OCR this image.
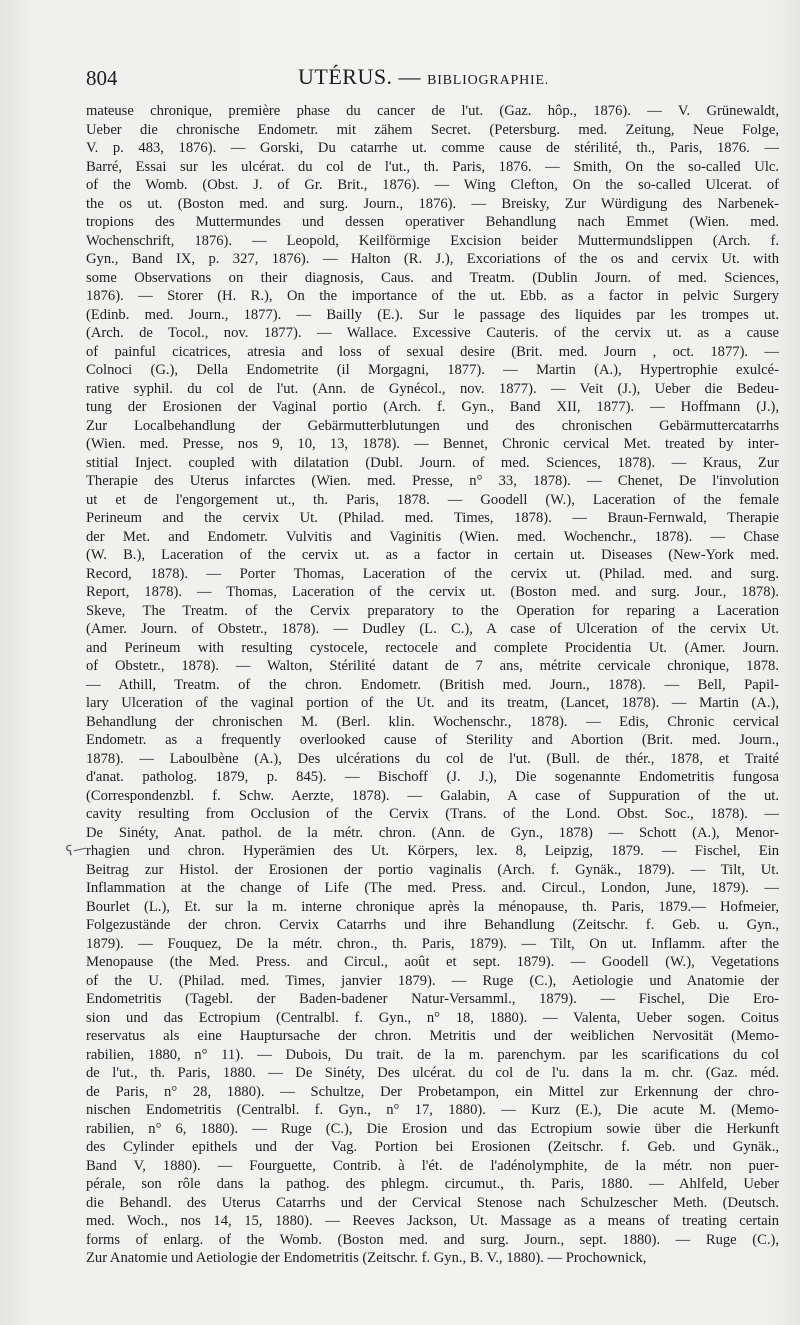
804	UTÉRUS. — BIBLIOGRAPHIE.
mateuse chronique, première phase du cancer de l'ut. (Gaz. hôp., 1876). — V. Grünewaldt,
Ueber die chronische Endometr. mit zähem Secret. (Petersburg. med. Zeitung, Neue Folge,
V. p. 483, 1876). — Gorski, Du catarrhe ut. comme cause de stérilité, th., Paris, 1876. —
Barré, Essai sur les ulcérat. du col de l'ut., th. Paris, 1876. — Smith, On the so-called Ulc.
of the Womb. (Obst. J. of Gr. Brit., 1876). — Wing Clefton, On the so-called Ulcerat. of
the os ut. (Boston med. and surg. Journ., 1876). — Breisky, Zur Würdigung des Narbenek-
tropions des Muttermundes und dessen operativer Behandlung nach Emmet (Wien. med.
Wochenschrift, 1876). — Leopold, Keilförmige Excision beider Muttermundslippen (Arch. f.
Gyn., Band IX, p. 327, 1876). — Halton (R. J.), Excoriations of the os and cervix Ut. with
some Observations on their diagnosis, Caus. and Treatm. (Dublin Journ. of med. Sciences,
1876). — Storer (H. R.), On the importance of the ut. Ebb. as a factor in pelvic Surgery
(Edinb. med. Journ., 1877). — Bailly (E.). Sur le passage des liquides par les trompes ut.
(Arch. de Tocol., nov. 1877). — Wallace. Excessive Cauteris. of the cervix ut. as a cause
of painful cicatrices, atresia and loss of sexual desire (Brit. med. Journ , oct. 1877). —
Colnoci (G.), Della Endometrite (il Morgagni, 1877). — Martin (A.), Hypertrophie exulcé-
rative syphil. du col de l'ut. (Ann. de Gynécol., nov. 1877). — Veit (J.), Ueber die Bedeu-
tung der Erosionen der Vaginal portio (Arch. f. Gyn., Band XII, 1877). — Hoffmann (J.),
Zur Localbehandlung der Gebärmutterblutungen und des chronischen Gebärmuttercatarrhs
(Wien. med. Presse, nos 9, 10, 13, 1878). — Bennet, Chronic cervical Met. treated by inter-
stitial Inject. coupled with dilatation (Dubl. Journ. of med. Sciences, 1878). — Kraus, Zur
Therapie des Uterus infarctes (Wien. med. Presse, n° 33, 1878). — Chenet, De l'involution
ut et de l'engorgement ut., th. Paris, 1878. — Goodell (W.), Laceration of the female
Perineum and the cervix Ut. (Philad. med. Times, 1878). — Braun-Fernwald, Therapie
der Met. and Endometr. Vulvitis and Vaginitis (Wien. med. Wochenchr., 1878). — Chase
(W. B.), Laceration of the cervix ut. as a factor in certain ut. Diseases (New-York med.
Record, 1878). — Porter Thomas, Laceration of the cervix ut. (Philad. med. and surg.
Report, 1878). — Thomas, Laceration of the cervix ut. (Boston med. and surg. Jour., 1878).
Skeve, The Treatm. of the Cervix preparatory to the Operation for reparing a Laceration
(Amer. Journ. of Obstetr., 1878). — Dudley (L. C.), A case of Ulceration of the cervix Ut.
and Perineum with resulting cystocele, rectocele and complete Procidentia Ut. (Amer. Journ.
of Obstetr., 1878). — Walton, Stérilité datant de 7 ans, métrite cervicale chronique, 1878.
— Athill, Treatm. of the chron. Endometr. (British med. Journ., 1878). — Bell, Papil-
lary Ulceration of the vaginal portion of the Ut. and its treatm, (Lancet, 1878). — Martin (A.),
Behandlung der chronischen M. (Berl. klin. Wochenschr., 1878). — Edis, Chronic cervical
Endometr. as a frequently overlooked cause of Sterility and Abortion (Brit. med. Journ.,
1878). — Laboulbène (A.), Des ulcérations du col de l'ut. (Bull. de thér., 1878, et Traité
d'anat. patholog. 1879, p. 845). — Bischoff (J. J.), Die sogenannte Endometritis fungosa
(Correspondenzbl. f. Schw. Aerzte, 1878). — Galabin, A case of Suppuration of the ut.
cavity resulting from Occlusion of the Cervix (Trans. of the Lond. Obst. Soc., 1878). —
De Sinéty, Anat. pathol. de la métr. chron. (Ann. de Gyn., 1878) — Schott (A.), Menor-
rhagien und chron. Hyperämien des Ut. Körpers, lex. 8, Leipzig, 1879. — Fischel, Ein
Beitrag zur Histol. der Erosionen der portio vaginalis (Arch. f. Gynäk., 1879). — Tilt, Ut.
Inflammation at the change of Life (The med. Press. and. Circul., London, June, 1879). —
Bourlet (L.), Et. sur la m. interne chronique après la ménopause, th. Paris, 1879.— Hofmeier,
Folgezustände der chron. Cervix Catarrhs und ihre Behandlung (Zeitschr. f. Geb. u. Gyn.,
1879). — Fouquez, De la métr. chron., th. Paris, 1879). — Tilt, On ut. Inflamm. after the
Menopause (the Med. Press. and Circul., août et sept. 1879). — Goodell (W.), Vegetations
of the U. (Philad. med. Times, janvier 1879). — Ruge (C.), Aetiologie und Anatomie der
Endometritis (Tagebl. der Baden-badener Natur-Versamml., 1879). — Fischel, Die Ero-
sion und das Ectropium (Centralbl. f. Gyn., n° 18, 1880). — Valenta, Ueber sogen. Coitus
reservatus als eine Hauptursache der chron. Metritis und der weiblichen Nervosität (Memo-
rabilien, 1880, n° 11). — Dubois, Du trait. de la m. parenchym. par les scarifications du col
de l'ut., th. Paris, 1880. — De Sinéty, Des ulcérat. du col de l'u. dans la m. chr. (Gaz. méd.
de Paris, n° 28, 1880). — Schultze, Der Probetampon, ein Mittel zur Erkennung der chro-
nischen Endometritis (Centralbl. f. Gyn., n° 17, 1880). — Kurz (E.), Die acute M. (Memo-
rabilien, n° 6, 1880). — Ruge (C.), Die Erosion und das Ectropium sowie über die Herkunft
des Cylinder epithels und der Vag. Portion bei Erosionen (Zeitschr. f. Geb. und Gynäk.,
Band V, 1880). — Fourguette, Contrib. à l'ét. de l'adénolymphite, de la métr. non puer-
pérale, son rôle dans la pathog. des phlegm. circumut., th. Paris, 1880. — Ahlfeld, Ueber
die Behandl. des Uterus Catarrhs und der Cervical Stenose nach Schulzescher Meth. (Deutsch.
med. Woch., nos 14, 15, 1880). — Reeves Jackson, Ut. Massage as a means of treating certain
forms of enlarg. of the Womb. (Boston med. and surg. Journ., sept. 1880). — Ruge (C.),
Zur Anatomie und Aetiologie der Endometritis (Zeitschr. f. Gyn., B. V., 1880). — Prochownick,
ʕ—
